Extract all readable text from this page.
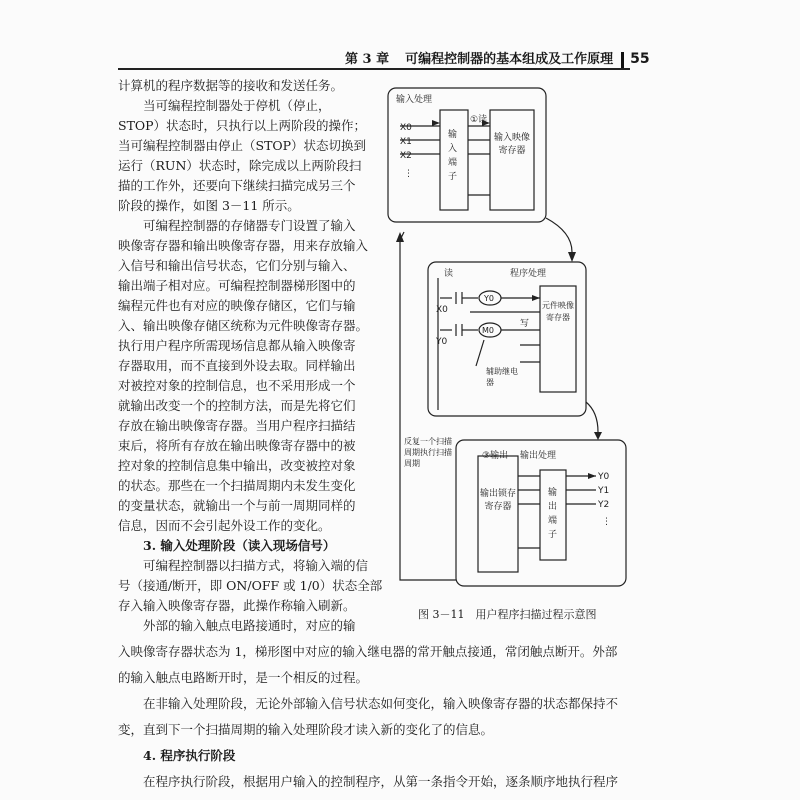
第 3 章 可编程控制器的基本组成及工作原理 55
计算机的程序数据等的接收和发送任务。
　　当可编程控制器处于停机（停止，
STOP）状态时，只执行以上两阶段的操作；
当可编程控制器由停止（STOP）状态切换到
运行（RUN）状态时，除完成以上两阶段扫
描的工作外，还要向下继续扫描完成另三个
阶段的操作，如图 3－11 所示。
　　可编程控制器的存储器专门设置了输入
映像寄存器和输出映像寄存器，用来存放输入
入信号和输出信号状态，它们分别与输入、
输出端子相对应。可编程控制器梯形图中的
编程元件也有对应的映像存储区，它们与输
入、输出映像存储区统称为元件映像寄存器。
执行用户程序所需现场信息都从输入映像寄
存器取用，而不直接到外设去取。同样输出
对被控对象的控制信息，也不采用形成一个
就输出改变一个的控制方法，而是先将它们
存放在输出映像寄存器。当用户程序扫描结
束后，将所有存放在输出映像寄存器中的被
控对象的控制信息集中输出，改变被控对象
的状态。那些在一个扫描周期内未发生变化
的变量状态，就输出一个与前一周期同样的
信息，因而不会引起外设工作的变化。
　　3. 输入处理阶段（读入现场信号）
　　可编程控制器以扫描方式，将输入端的信
号（接通/断开，即 ON/OFF 或 1/0）状态全部
存入输入映像寄存器，此操作称输入刷新。
输入处理
X0
X1
X2
⋮
①读
X0
Y0
Y0
M0
读	程序处理
写
输出处理
③输出
Y0
Y1
Y2
⋮
输入端子
输入映像寄存器
元件映像寄存器
辅助继电器
输出锁存寄存器
输出端子
反复一个扫描周期执行扫描周期
图 3－11　用户程序扫描过程示意图
　　外部的输入触点电路接通时，对应的输
入映像寄存器状态为 1，梯形图中对应的输入继电器的常开触点接通，常闭触点断开。外部
的输入触点电路断开时，是一个相反的过程。
　　在非输入处理阶段，无论外部输入信号状态如何变化，输入映像寄存器的状态都保持不
变，直到下一个扫描周期的输入处理阶段才读入新的变化了的信息。
　　4. 程序执行阶段
　　在程序执行阶段，根据用户输入的控制程序，从第一条指令开始，逐条顺序地执行程序
